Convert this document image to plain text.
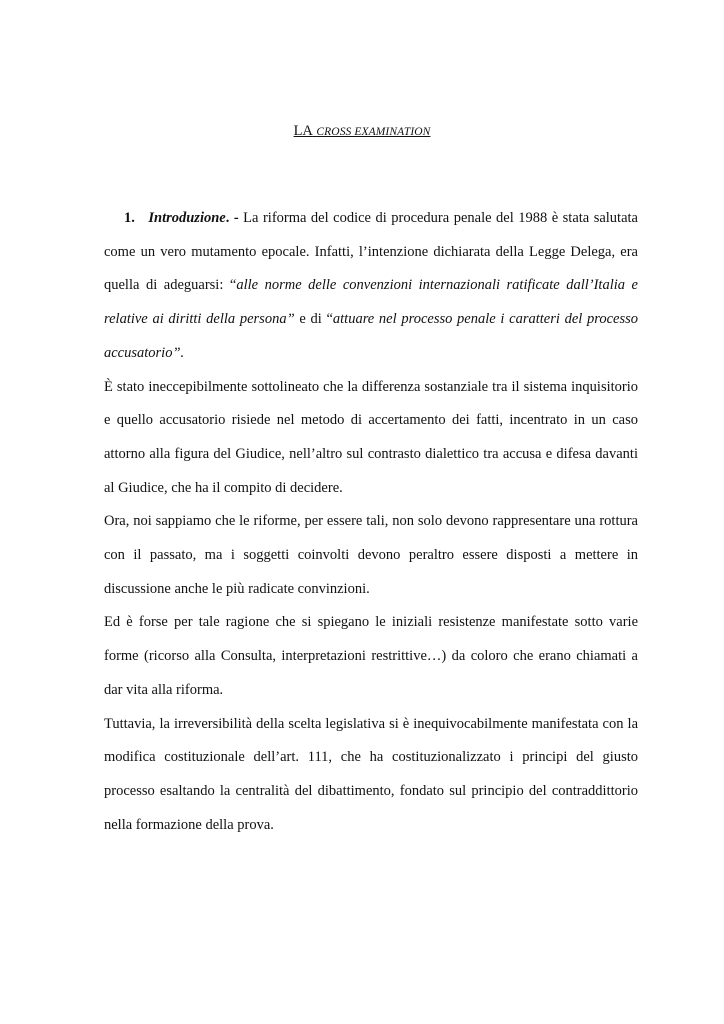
LA CROSS EXAMINATION

1. Introduzione. - La riforma del codice di procedura penale del 1988 è stata salutata come un vero mutamento epocale. Infatti, l’intenzione dichiarata della Legge Delega, era quella di adeguarsi: “alle norme delle convenzioni internazionali ratificate dall’Italia e relative ai diritti della persona” e di “attuare nel processo penale i caratteri del processo accusatorio”.

È stato ineccepibilmente sottolineato che la differenza sostanziale tra il sistema inquisitorio e quello accusatorio risiede nel metodo di accertamento dei fatti, incentrato in un caso attorno alla figura del Giudice, nell’altro sul contrasto dialettico tra accusa e difesa davanti al Giudice, che ha il compito di decidere.

Ora, noi sappiamo che le riforme, per essere tali, non solo devono rappresentare una rottura con il passato, ma i soggetti coinvolti devono peraltro essere disposti a mettere in discussione anche le più radicate convinzioni.

Ed è forse per tale ragione che si spiegano le iniziali resistenze manifestate sotto varie forme (ricorso alla Consulta, interpretazioni restrittive…) da coloro che erano chiamati a dar vita alla riforma.

Tuttavia, la irreversibilità della scelta legislativa si è inequivocabilmente manifestata con la modifica costituzionale dell’art. 111, che ha costituzionalizzato i principi del giusto processo esaltando la centralità del dibattimento, fondato sul principio del contraddittorio nella formazione della prova.
